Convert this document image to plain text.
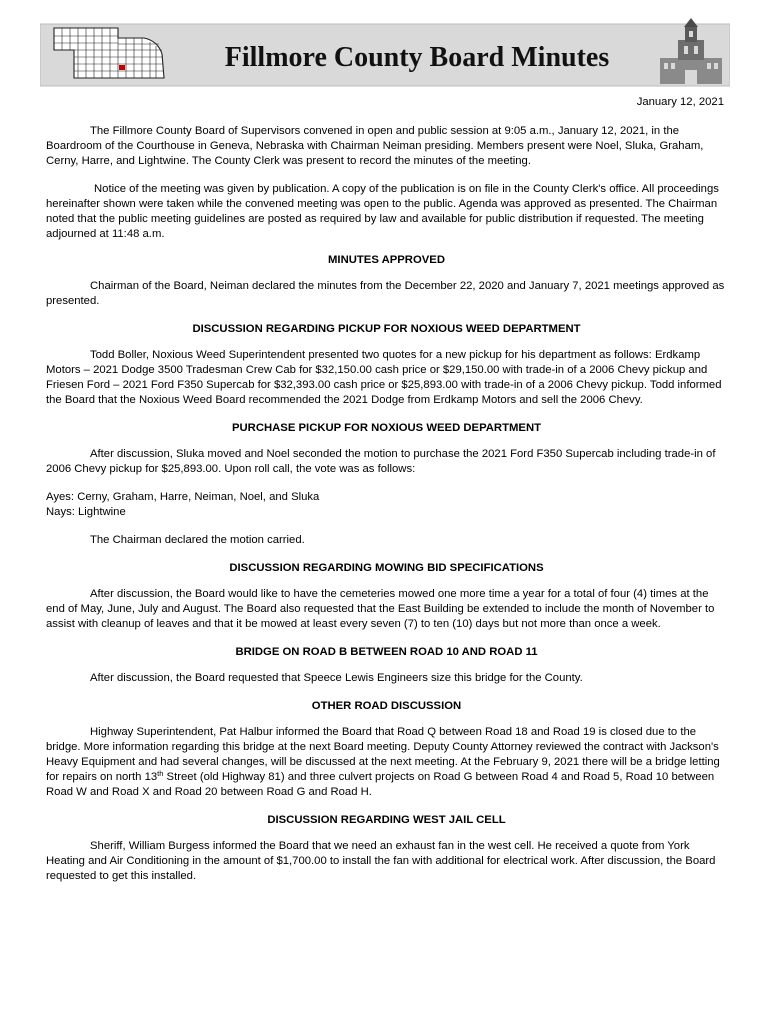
Fillmore County Board Minutes
January 12, 2021

The Fillmore County Board of Supervisors convened in open and public session at 9:05 a.m., January 12, 2021, in the Boardroom of the Courthouse in Geneva, Nebraska with Chairman Neiman presiding. Members present were Noel, Sluka, Graham, Cerny, Harre, and Lightwine. The County Clerk was present to record the minutes of the meeting.

Notice of the meeting was given by publication. A copy of the publication is on file in the County Clerk's office. All proceedings hereinafter shown were taken while the convened meeting was open to the public. Agenda was approved as presented. The Chairman noted that the public meeting guidelines are posted as required by law and available for public distribution if requested. The meeting adjourned at 11:48 a.m.

MINUTES APPROVED

Chairman of the Board, Neiman declared the minutes from the December 22, 2020 and January 7, 2021 meetings approved as presented.

DISCUSSION REGARDING PICKUP FOR NOXIOUS WEED DEPARTMENT

Todd Boller, Noxious Weed Superintendent presented two quotes for a new pickup for his department as follows: Erdkamp Motors – 2021 Dodge 3500 Tradesman Crew Cab for $32,150.00 cash price or $29,150.00 with trade-in of a 2006 Chevy pickup and Friesen Ford – 2021 Ford F350 Supercab for $32,393.00 cash price or $25,893.00 with trade-in of a 2006 Chevy pickup. Todd informed the Board that the Noxious Weed Board recommended the 2021 Dodge from Erdkamp Motors and sell the 2006 Chevy.

PURCHASE PICKUP FOR NOXIOUS WEED DEPARTMENT

After discussion, Sluka moved and Noel seconded the motion to purchase the 2021 Ford F350 Supercab including trade-in of 2006 Chevy pickup for $25,893.00. Upon roll call, the vote was as follows:

Ayes: Cerny, Graham, Harre, Neiman, Noel, and Sluka

Nays: Lightwine

The Chairman declared the motion carried.

DISCUSSION REGARDING MOWING BID SPECIFICATIONS

After discussion, the Board would like to have the cemeteries mowed one more time a year for a total of four (4) times at the end of May, June, July and August. The Board also requested that the East Building be extended to include the month of November to assist with cleanup of leaves and that it be mowed at least every seven (7) to ten (10) days but not more than once a week.

BRIDGE ON ROAD B BETWEEN ROAD 10 AND ROAD 11

After discussion, the Board requested that Speece Lewis Engineers size this bridge for the County.

OTHER ROAD DISCUSSION

Highway Superintendent, Pat Halbur informed the Board that Road Q between Road 18 and Road 19 is closed due to the bridge. More information regarding this bridge at the next Board meeting. Deputy County Attorney reviewed the contract with Jackson's Heavy Equipment and had several changes, will be discussed at the next meeting. At the February 9, 2021 there will be a bridge letting for repairs on north 13th Street (old Highway 81) and three culvert projects on Road G between Road 4 and Road 5, Road 10 between Road W and Road X and Road 20 between Road G and Road H.

DISCUSSION REGARDING WEST JAIL CELL

Sheriff, William Burgess informed the Board that we need an exhaust fan in the west cell. He received a quote from York Heating and Air Conditioning in the amount of $1,700.00 to install the fan with additional for electrical work. After discussion, the Board requested to get this installed.
